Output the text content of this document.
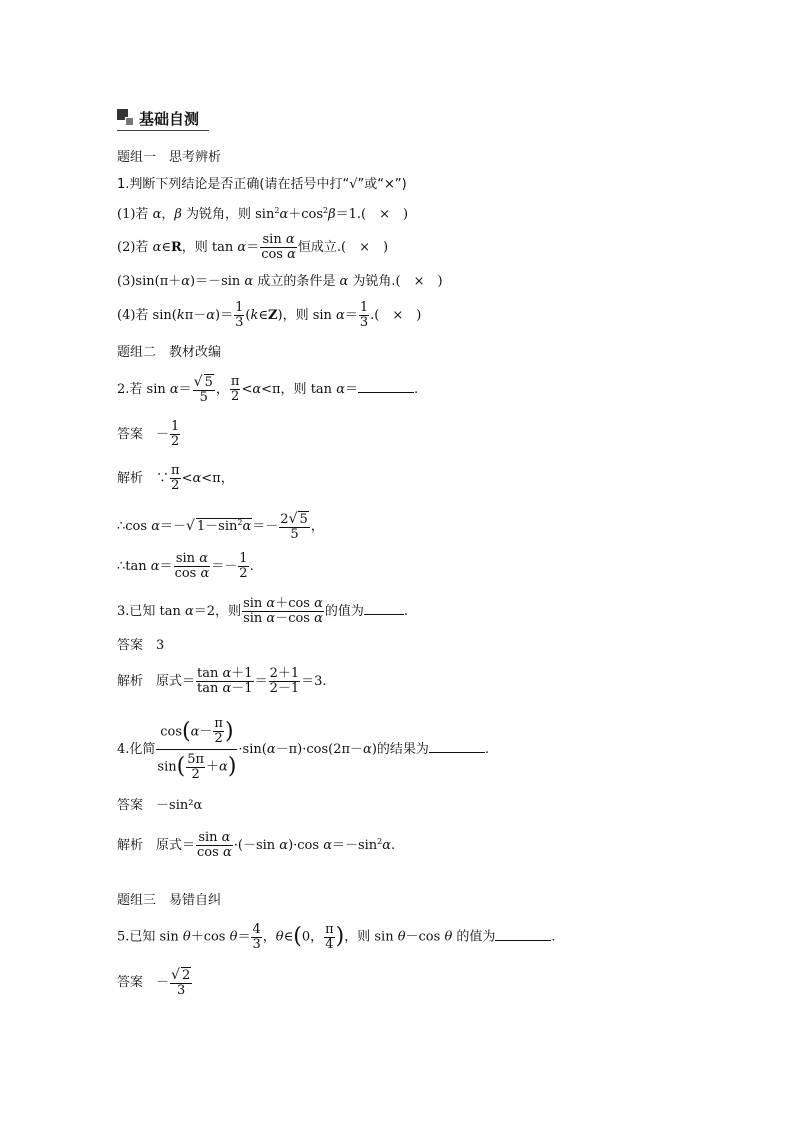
基础自测
题组一　思考辨析
1.判断下列结论是否正确(请在括号中打“√”或“×”)
(1)若 α，β 为锐角，则 $\sin^2\alpha+\cos^2\beta=1$.(　×　)
(2)若 α∈R，则 $\tan \alpha= \frac{\text{sin α}}{\text{cos α}}$ 恒成立.(　×　)
(3)sin(π＋α)＝－sin α 成立的条件是 α 为锐角.(　×　)
(4)若 $\sin(k\pi-\alpha)= \frac{1}{3}$ (k∈Z)，则 $\sin \alpha= \frac{1}{3}$ .(　×　)
题组二　教材改编
2.若 $\sin \alpha= \frac{√ 5}{5}$ ， $\frac{\pi}{2} <\alpha<\pi$，则 tan α＝	.
答案　－ $\frac{1}{2}$
解析　∵ $\frac{\pi}{2} <\alpha<\pi$，
∴cos α＝－√ $1-\sin^2\alpha=- \frac{2√ 5}{5}$ ，
∴tan $\alpha= \frac{\text{sin α}}{\text{cos α}} =- \frac{1}{2}$ .
3.已知 tan α＝2，则 $\frac{\text{sin α＋cos α}}{\text{sin α－cos α}}$ 的值为	.
答案　 3
解析　原式＝ $\frac{\text{tan α＋1}}{\text{tan α－1}} = \frac{2+1}{2-1} =3$.
4.化简 $\frac{\cos(\alpha- \frac{\pi}{2} )}{\sin( \frac{5\pi}{2} +\alpha)} \cdot\sin(\alpha-\pi)\cdot\cos(2\pi-\alpha)$的结果为	.
答案　 －sin²α
解析　原式＝ $\frac{\text{sin α}}{\text{cos α}} \cdot(-\sin$ α)·cos $\alpha=-\sin^2\alpha$.
题组三　易错自纠
5.已知 sin θ＋cos $\theta= \frac{4}{3}$ ，θ∈(0， $\frac{\pi}{4}$ )，则 sin θ－cos θ 的值为	.
答案　－ $\frac{√ 2}{3}$
